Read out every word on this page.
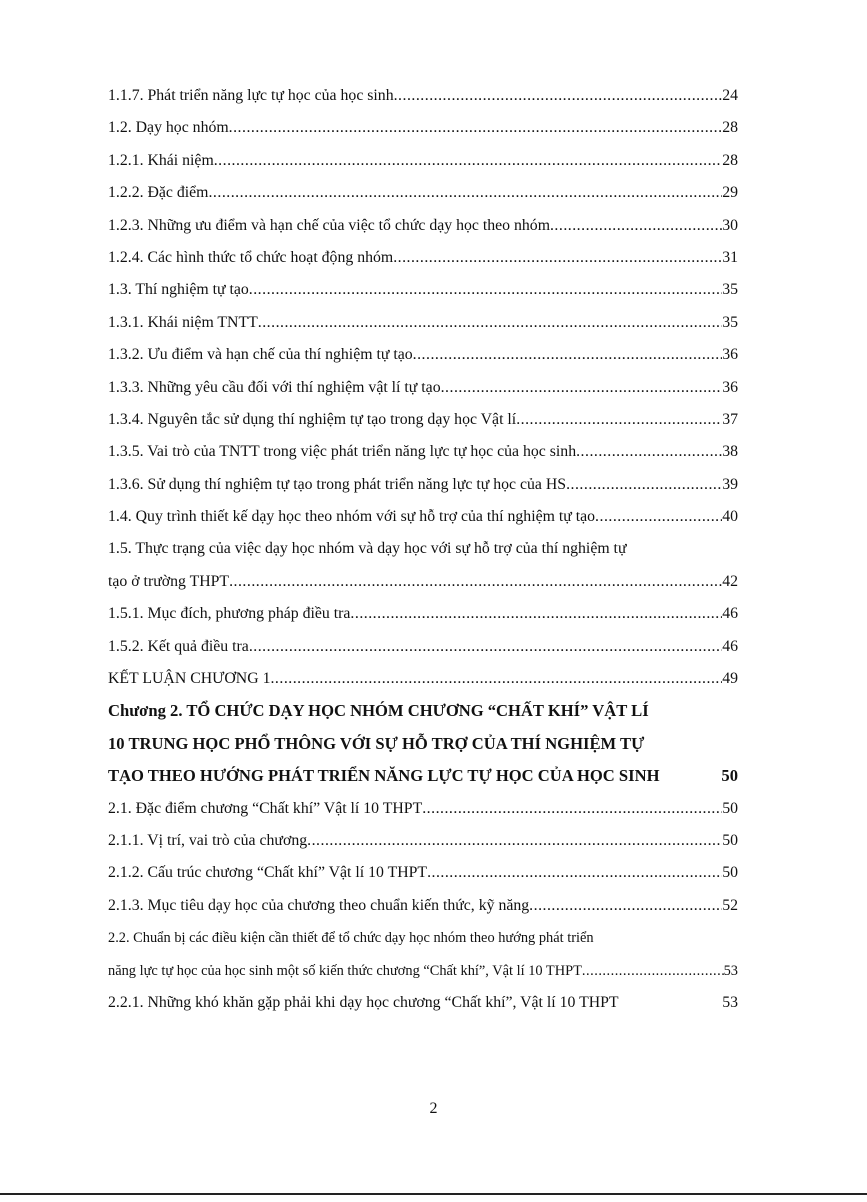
1.1.7. Phát triển năng lực tự học của học sinh .....	24
1.2. Dạy học nhóm .....	28
1.2.1. Khái niệm .....	28
1.2.2. Đặc điểm .....	29
1.2.3. Những ưu điểm và hạn chế của việc tổ chức dạy học theo nhóm .....	30
1.2.4. Các hình thức tổ chức hoạt động nhóm .....	31
1.3. Thí nghiệm tự tạo .....	35
1.3.1. Khái niệm TNTT .....	35
1.3.2. Ưu điểm và hạn chế của thí nghiệm tự tạo .....	36
1.3.3. Những yêu cầu đối với thí nghiệm vật lí tự tạo .....	36
1.3.4. Nguyên tắc sử dụng thí nghiệm tự tạo trong dạy học Vật lí .....	37
1.3.5. Vai trò của TNTT trong việc phát triển năng lực tự học của học sinh .....	38
1.3.6. Sử dụng thí nghiệm tự tạo trong phát triển năng lực tự học của HS .....	39
1.4. Quy trình thiết kế dạy học theo nhóm với sự hỗ trợ của thí nghiệm tự tạo .....	40
1.5. Thực trạng của việc dạy học nhóm và dạy học với sự hỗ trợ của thí nghiệm tự
tạo ở trường THPT .....	42
1.5.1. Mục đích, phương pháp điều tra .....	46
1.5.2. Kết quả điều tra .....	46
KẾT LUẬN CHƯƠNG 1 .....	49
Chương 2. TỔ CHỨC DẠY HỌC NHÓM CHƯƠNG “CHẤT KHÍ” VẬT LÍ
10 TRUNG HỌC PHỔ THÔNG VỚI SỰ HỖ TRỢ CỦA THÍ NGHIỆM TỰ
TẠO THEO HƯỚNG PHÁT TRIỂN NĂNG LỰC TỰ HỌC CỦA HỌC SINH	50
2.1. Đặc điểm chương “Chất khí” Vật lí 10 THPT .....	50
2.1.1. Vị trí, vai trò của chương .....	50
2.1.2. Cấu trúc chương “Chất khí” Vật lí 10 THPT .....	50
2.1.3. Mục tiêu dạy học của chương theo chuẩn kiến thức, kỹ năng .....	52
2.2. Chuẩn bị các điều kiện cần thiết để tổ chức dạy học nhóm theo hướng phát triển
năng lực tự học của học sinh một số kiến thức chương “Chất khí”, Vật lí 10 THPT .....	53
2.2.1. Những khó khăn gặp phải khi dạy học chương “Chất khí”, Vật lí 10 THPT	53
2
